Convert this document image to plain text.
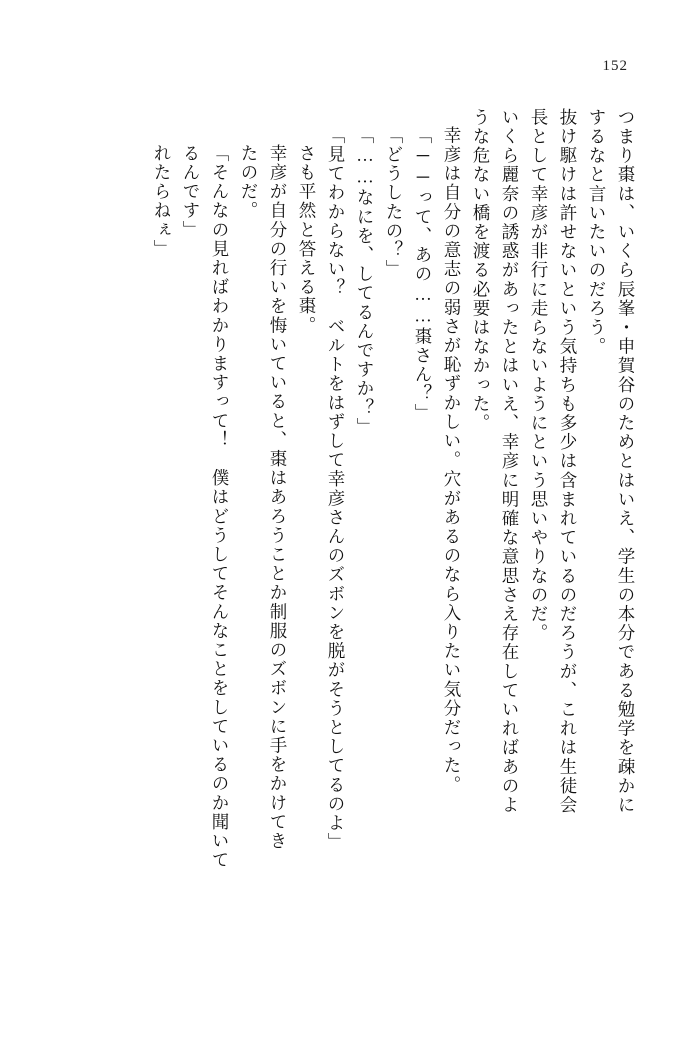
152
つまり棗は、いくら辰峯・申賀谷のためとはいえ、学生の本分である勉学を疎かに
するなと言いたいのだろう。
抜け駆けは許せないという気持ちも多少は含まれているのだろうが、これは生徒会
長として幸彦が非行に走らないようにという思いやりなのだ。
いくら麗奈の誘惑があったとはいえ、幸彦に明確な意思さえ存在していればあのよ
うな危ない橋を渡る必要はなかった。
幸彦は自分の意志の弱さが恥ずかしい。穴があるのなら入りたい気分だった。
「──って、あの……棗さん？」
「どうしたの？」
「……なにを、してるんですか？」
「見てわからない？　ベルトをはずして幸彦さんのズボンを脱がそうとしてるのよ」
さも平然と答える棗。
幸彦が自分の行いを悔いていると、棗はあろうことか制服のズボンに手をかけてき
たのだ。
「そんなの見ればわかりますって！　僕はどうしてそんなことをしているのか聞いて
るんです」
れたらねぇ」
